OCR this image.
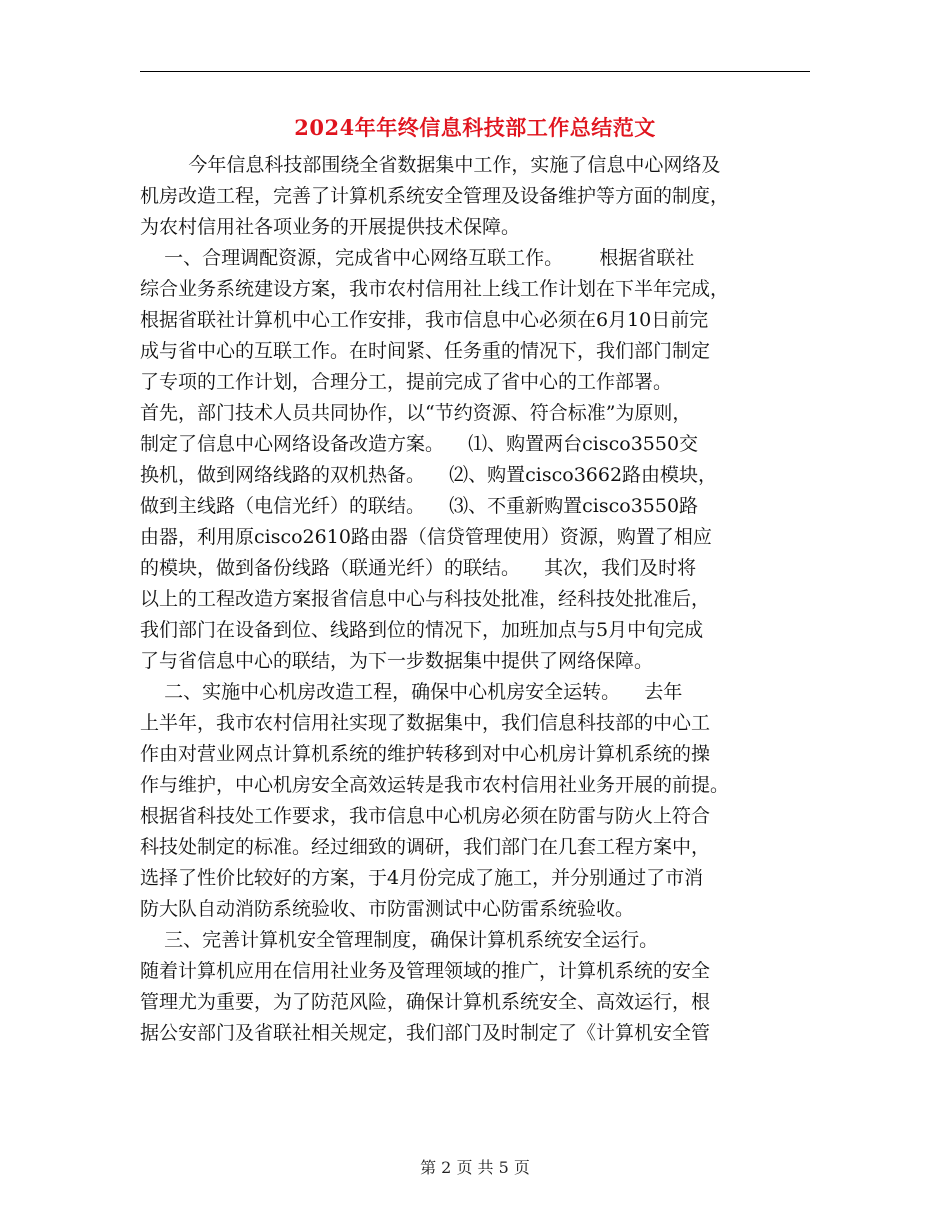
2024年年终信息科技部工作总结范文
今年信息科技部围绕全省数据集中工作，实施了信息中心网络及
机房改造工程，完善了计算机系统安全管理及设备维护等方面的制度，
为农村信用社各项业务的开展提供技术保障。
一、合理调配资源，完成省中心网络互联工作。      根据省联社
综合业务系统建设方案，我市农村信用社上线工作计划在下半年完成，
根据省联社计算机中心工作安排，我市信息中心必须在6月10日前完
成与省中心的互联工作。在时间紧、任务重的情况下，我们部门制定
了专项的工作计划，合理分工，提前完成了省中心的工作部署。
首先，部门技术人员共同协作，以“节约资源、符合标准”为原则，
制定了信息中心网络设备改造方案。    ⑴、购置两台cisco3550交
换机，做到网络线路的双机热备。    ⑵、购置cisco3662路由模块，
做到主线路（电信光纤）的联结。    ⑶、不重新购置cisco3550路
由器，利用原cisco2610路由器（信贷管理使用）资源，购置了相应
的模块，做到备份线路（联通光纤）的联结。    其次，我们及时将
以上的工程改造方案报省信息中心与科技处批准，经科技处批准后，
我们部门在设备到位、线路到位的情况下，加班加点与5月中旬完成
了与省信息中心的联结，为下一步数据集中提供了网络保障。
二、实施中心机房改造工程，确保中心机房安全运转。    去年
上半年，我市农村信用社实现了数据集中，我们信息科技部的中心工
作由对营业网点计算机系统的维护转移到对中心机房计算机系统的操
作与维护，中心机房安全高效运转是我市农村信用社业务开展的前提。
根据省科技处工作要求，我市信息中心机房必须在防雷与防火上符合
科技处制定的标准。经过细致的调研，我们部门在几套工程方案中，
选择了性价比较好的方案，于4月份完成了施工，并分别通过了市消
防大队自动消防系统验收、市防雷测试中心防雷系统验收。
三、完善计算机安全管理制度，确保计算机系统安全运行。
随着计算机应用在信用社业务及管理领域的推广，计算机系统的安全
管理尤为重要，为了防范风险，确保计算机系统安全、高效运行，根
据公安部门及省联社相关规定，我们部门及时制定了《计算机安全管
第 2 页 共 5 页
